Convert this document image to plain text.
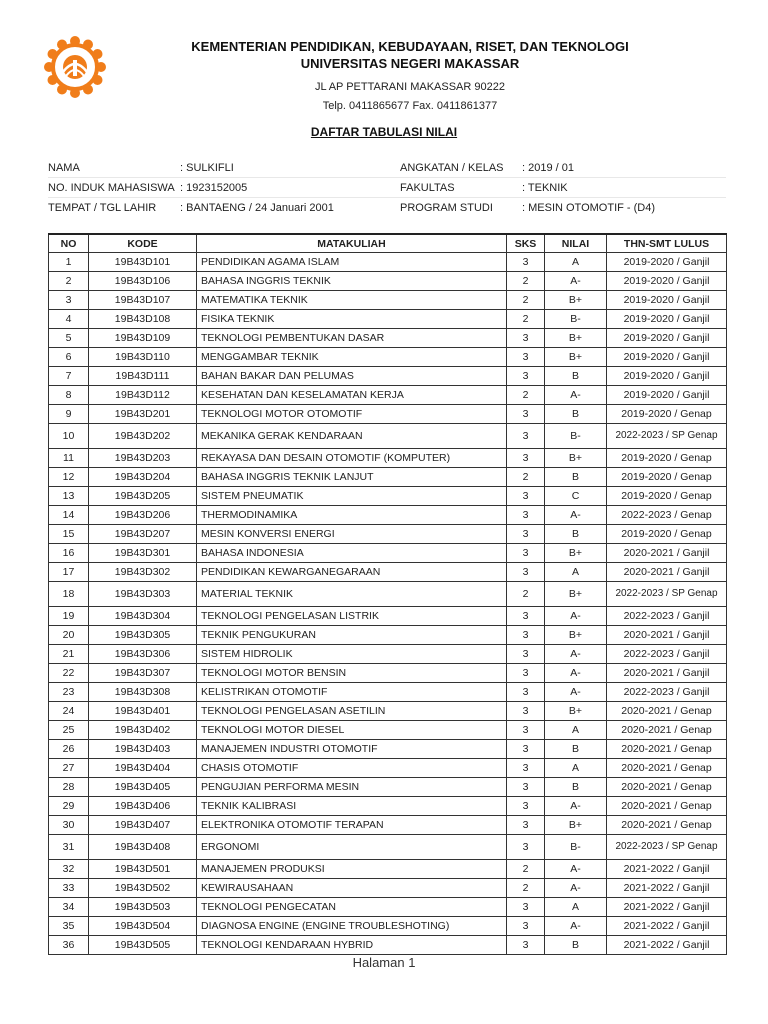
KEMENTERIAN PENDIDIKAN, KEBUDAYAAN, RISET, DAN TEKNOLOGI
UNIVERSITAS NEGERI MAKASSAR
JL AP PETTARANI MAKASSAR 90222
Telp. 0411865677 Fax. 0411861377
DAFTAR TABULASI NILAI
NAMA	: SULKIFLI	ANGKATAN / KELAS	: 2019 / 01
NO. INDUK MAHASISWA : 1923152005	FAKULTAS	: TEKNIK
TEMPAT / TGL LAHIR	: BANTAENG / 24 Januari 2001	PROGRAM STUDI	: MESIN OTOMOTIF - (D4)
NO	KODE	MATAKULIAH	SKS	NILAI	THN-SMT LULUS
1	19B43D101	PENDIDIKAN AGAMA ISLAM	3	A	2019-2020 / Ganjil
2	19B43D106	BAHASA INGGRIS TEKNIK	2	A-	2019-2020 / Ganjil
3	19B43D107	MATEMATIKA TEKNIK	2	B+	2019-2020 / Ganjil
4	19B43D108	FISIKA TEKNIK	2	B-	2019-2020 / Ganjil
5	19B43D109	TEKNOLOGI PEMBENTUKAN DASAR	3	B+	2019-2020 / Ganjil
6	19B43D110	MENGGAMBAR TEKNIK	3	B+	2019-2020 / Ganjil
7	19B43D111	BAHAN BAKAR DAN PELUMAS	3	B	2019-2020 / Ganjil
8	19B43D112	KESEHATAN DAN KESELAMATAN KERJA	2	A-	2019-2020 / Ganjil
9	19B43D201	TEKNOLOGI MOTOR OTOMOTIF	3	B	2019-2020 / Genap
10	19B43D202	MEKANIKA GERAK KENDARAAN	3	B-	2022-2023 / SP Genap
11	19B43D203	REKAYASA DAN DESAIN OTOMOTIF (KOMPUTER)	3	B+	2019-2020 / Genap
12	19B43D204	BAHASA INGGRIS TEKNIK LANJUT	2	B	2019-2020 / Genap
13	19B43D205	SISTEM PNEUMATIK	3	C	2019-2020 / Genap
14	19B43D206	THERMODINAMIKA	3	A-	2022-2023 / Genap
15	19B43D207	MESIN KONVERSI ENERGI	3	B	2019-2020 / Genap
16	19B43D301	BAHASA INDONESIA	3	B+	2020-2021 / Ganjil
17	19B43D302	PENDIDIKAN KEWARGANEGARAAN	3	A	2020-2021 / Ganjil
18	19B43D303	MATERIAL TEKNIK	2	B+	2022-2023 / SP Genap
19	19B43D304	TEKNOLOGI PENGELASAN LISTRIK	3	A-	2022-2023 / Ganjil
20	19B43D305	TEKNIK PENGUKURAN	3	B+	2020-2021 / Ganjil
21	19B43D306	SISTEM HIDROLIK	3	A-	2022-2023 / Ganjil
22	19B43D307	TEKNOLOGI MOTOR BENSIN	3	A-	2020-2021 / Ganjil
23	19B43D308	KELISTRIKAN OTOMOTIF	3	A-	2022-2023 / Ganjil
24	19B43D401	TEKNOLOGI PENGELASAN ASETILIN	3	B+	2020-2021 / Genap
25	19B43D402	TEKNOLOGI MOTOR DIESEL	3	A	2020-2021 / Genap
26	19B43D403	MANAJEMEN INDUSTRI OTOMOTIF	3	B	2020-2021 / Genap
27	19B43D404	CHASIS OTOMOTIF	3	A	2020-2021 / Genap
28	19B43D405	PENGUJIAN PERFORMA MESIN	3	B	2020-2021 / Genap
29	19B43D406	TEKNIK KALIBRASI	3	A-	2020-2021 / Genap
30	19B43D407	ELEKTRONIKA OTOMOTIF TERAPAN	3	B+	2020-2021 / Genap
31	19B43D408	ERGONOMI	3	B-	2022-2023 / SP Genap
32	19B43D501	MANAJEMEN PRODUKSI	2	A-	2021-2022 / Ganjil
33	19B43D502	KEWIRAUSAHAAN	2	A-	2021-2022 / Ganjil
34	19B43D503	TEKNOLOGI PENGECATAN	3	A	2021-2022 / Ganjil
35	19B43D504	DIAGNOSA ENGINE (ENGINE TROUBLESHOTING)	3	A-	2021-2022 / Ganjil
36	19B43D505	TEKNOLOGI KENDARAAN HYBRID	3	B	2021-2022 / Ganjil
Halaman 1
